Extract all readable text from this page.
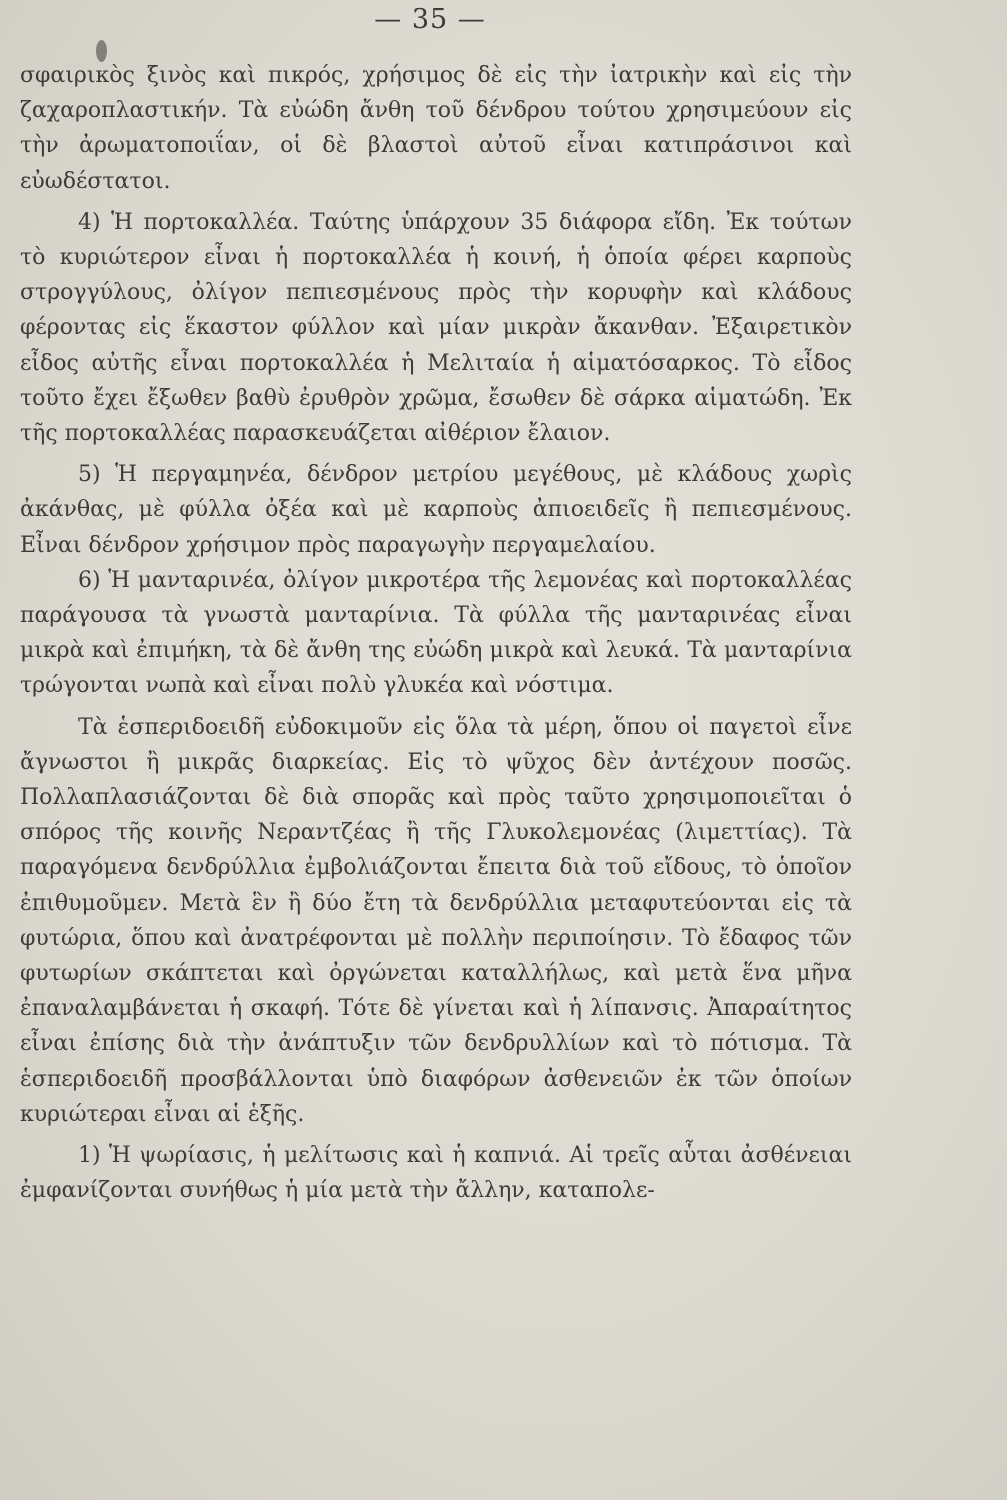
— 35 —

σφαιρικὸς ξινὸς καὶ πικρός, χρήσιμος δὲ εἰς τὴν ἰατρικὴν καὶ εἰς τὴν ζαχαροπλαστικήν. Τὰ εὐώδη ἄνθη τοῦ δένδρου τούτου χρησιμεύουν εἰς τὴν ἀρωματοποιΐαν, οἱ δὲ βλαστοὶ αὐτοῦ εἶναι κατιπράσινοι καὶ εὐωδέστατοι.

4) Ἡ πορτοκαλλέα. Ταύτης ὑπάρχουν 35 διάφορα εἴδη. Ἐκ τούτων τὸ κυριώτερον εἶναι ἡ πορτοκαλλέα ἡ κοινή, ἡ ὁποία φέρει καρποὺς στρογγύλους, ὀλίγον πεπιεσμένους πρὸς τὴν κορυφὴν καὶ κλάδους φέροντας εἰς ἕκαστον φύλλον καὶ μίαν μικρὰν ἄκανθαν. Ἐξαιρετικὸν εἶδος αὐτῆς εἶναι πορτοκαλλέα ἡ Μελιταία ἡ αἱματόσαρκος. Τὸ εἶδος τοῦτο ἔχει ἔξωθεν βαθὺ ἐρυθρὸν χρῶμα, ἔσωθεν δὲ σάρκα αἱματώδη. Ἐκ τῆς πορτοκαλλέας παρασκευάζεται αἰθέριον ἔλαιον.

5) Ἡ περγαμηνέα, δένδρον μετρίου μεγέθους, μὲ κλάδους χωρὶς ἀκάνθας, μὲ φύλλα ὀξέα καὶ μὲ καρποὺς ἀπιοειδεῖς ἢ πεπιεσμένους. Εἶναι δένδρον χρήσιμον πρὸς παραγωγὴν περγαμελαίου.

6) Ἡ μανταρινέα, ὀλίγον μικροτέρα τῆς λεμονέας καὶ πορτοκαλλέας παράγουσα τὰ γνωστὰ μανταρίνια. Τὰ φύλλα τῆς μανταρινέας εἶναι μικρὰ καὶ ἐπιμήκη, τὰ δὲ ἄνθη της εὐώδη μικρὰ καὶ λευκά. Τὰ μανταρίνια τρώγονται νωπὰ καὶ εἶναι πολὺ γλυκέα καὶ νόστιμα.

Τὰ ἑσπεριδοειδῆ εὐδοκιμοῦν εἰς ὅλα τὰ μέρη, ὅπου οἱ παγετοὶ εἶνε ἄγνωστοι ἢ μικρᾶς διαρκείας. Εἰς τὸ ψῦχος δὲν ἀντέχουν ποσῶς. Πολλαπλασιάζονται δὲ διὰ σπορᾶς καὶ πρὸς ταῦτο χρησιμοποιεῖται ὁ σπόρος τῆς κοινῆς Νεραντζέας ἢ τῆς Γλυκολεμονέας (λιμεττίας). Τὰ παραγόμενα δενδρύλλια ἐμβολιάζονται ἔπειτα διὰ τοῦ εἴδους, τὸ ὁποῖον ἐπιθυμοῦμεν. Μετὰ ἓν ἢ δύο ἔτη τὰ δενδρύλλια μεταφυτεύονται εἰς τὰ φυτώρια, ὅπου καὶ ἀνατρέφονται μὲ πολλὴν περιποίησιν. Τὸ ἔδαφος τῶν φυτωρίων σκάπτεται καὶ ὀργώνεται καταλλήλως, καὶ μετὰ ἕνα μῆνα ἐπαναλαμβάνεται ἡ σκαφή. Τότε δὲ γίνεται καὶ ἡ λίπανσις. Ἀπαραίτητος εἶναι ἐπίσης διὰ τὴν ἀνάπτυξιν τῶν δενδρυλλίων καὶ τὸ πότισμα. Τὰ ἑσπεριδοειδῆ προσβάλλονται ὑπὸ διαφόρων ἀσθενειῶν ἐκ τῶν ὁποίων κυριώτεραι εἶναι αἱ ἑξῆς.

1) Ἡ ψωρίασις, ἡ μελίτωσις καὶ ἡ καπνιά. Αἱ τρεῖς αὗται ἀσθένειαι ἐμφανίζονται συνήθως ἡ μία μετὰ τὴν ἄλλην, καταπολε-
